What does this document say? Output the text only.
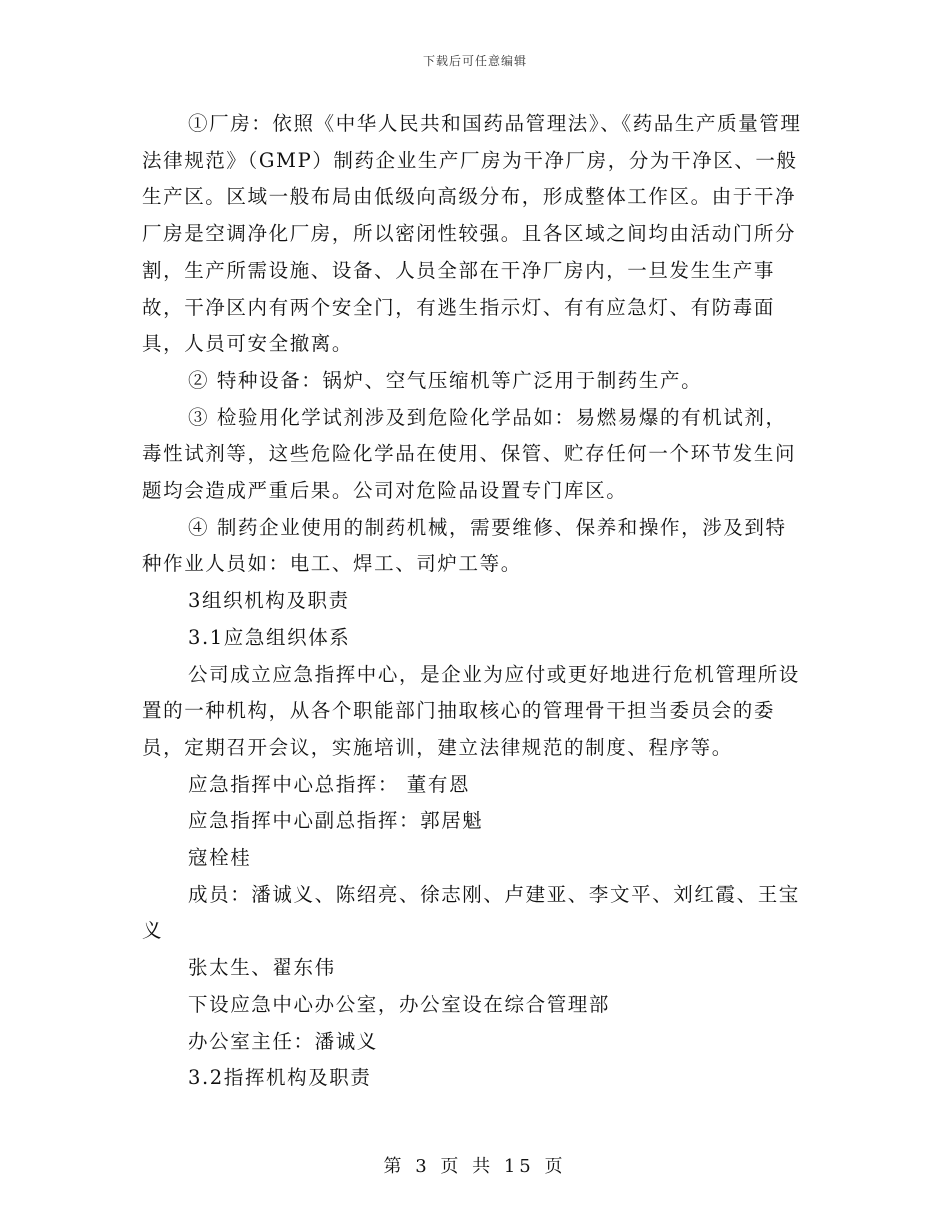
下载后可任意编辑

①厂房：依照《中华人民共和国药品管理法》、《药品生产质量管理法律规范》（GMP）制药企业生产厂房为干净厂房，分为干净区、一般生产区。区域一般布局由低级向高级分布，形成整体工作区。由于干净厂房是空调净化厂房，所以密闭性较强。且各区域之间均由活动门所分割，生产所需设施、设备、人员全部在干净厂房内，一旦发生生产事故，干净区内有两个安全门，有逃生指示灯、有有应急灯、有防毒面具，人员可安全撤离。

② 特种设备：锅炉、空气压缩机等广泛用于制药生产。

③ 检验用化学试剂涉及到危险化学品如：易燃易爆的有机试剂，毒性试剂等，这些危险化学品在使用、保管、贮存任何一个环节发生问题均会造成严重后果。公司对危险品设置专门库区。

④ 制药企业使用的制药机械，需要维修、保养和操作，涉及到特种作业人员如：电工、焊工、司炉工等。

3组织机构及职责

3.1应急组织体系

公司成立应急指挥中心，是企业为应付或更好地进行危机管理所设置的一种机构，从各个职能部门抽取核心的管理骨干担当委员会的委员，定期召开会议，实施培训，建立法律规范的制度、程序等。

应急指挥中心总指挥： 董有恩

应急指挥中心副总指挥：郭居魁

寇栓桂

成员：潘诚义、陈绍亮、徐志刚、卢建亚、李文平、刘红霞、王宝义

张太生、翟东伟

下设应急中心办公室，办公室设在综合管理部

办公室主任：潘诚义

3.2指挥机构及职责

第 3 页 共 15 页
